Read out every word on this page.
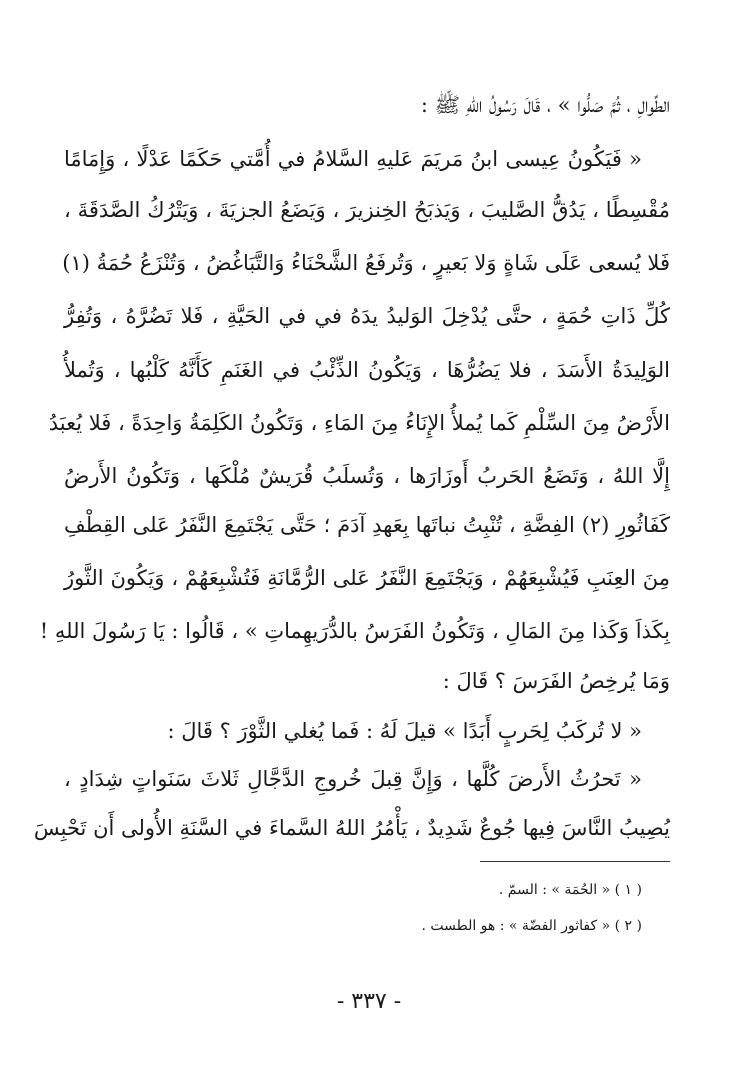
الطِّوالِ ، ثُمَّ صَلُّوا » ، قَالَ رَسُولُ اللهِ ﷺ :
« فَيَكُونُ عِيسى ابنُ مَريَمَ عَليهِ السَّلامُ في أُمَّتي حَكَمًا عَدْلًا ، وَإِمَامًا
مُقْسِطًا ، يَدُقُّ الصَّليبَ ، وَيَذبَحُ الخِنزيرَ ، وَيَضَعُ الجزيَةَ ، وَيَتْرُكُ الصَّدَقَةَ ،
فَلا يُسعى عَلَى شَاةٍ وَلا بَعيرٍ ، وَتُرفَعُ الشَّحْنَاءُ وَالتَّبَاغُضُ ، وَتُنْزَعُ حُمَةُ (١)
كُلِّ ذَاتِ حُمَةٍ ، حتَّى يُدْخِلَ الوَليدُ يدَهُ في في الحَيَّةِ ، فَلا تَضُرَّهُ ، وَتُفِرُّ
الوَلِيدَةُ الأَسَدَ ، فلا يَضُرُّهَا ، وَيَكُونُ الذِّئْبُ في الغَنَمِ كَأَنَّهُ كَلْبُها ، وَتُملأُ
الأَرْضُ مِنَ السِّلْمِ كَما يُملأُ الإِنَاءُ مِنَ المَاءِ ، وَتَكُونُ الكَلِمَةُ وَاحِدَةً ، فَلا يُعبَدُ
إِلَّا اللهُ ، وَتَضَعُ الحَربُ أَوزَارَها ، وَتُسلَبُ قُرَيشٌ مُلْكَها ، وَتَكُونُ الأَرضُ
كَفَاثُورِ (٢) الفِضَّةِ ، تُنْبِتُ نباتَها بِعَهدِ آدَمَ ؛ حَتَّى يَجْتَمِعَ النَّفَرُ عَلى القِطْفِ
مِنَ العِنَبِ فَيُشْبِعَهُمْ ، وَيَجْتَمِعَ النَّفَرُ عَلى الرُّمَّانَةِ فَتُشْبِعَهُمْ ، وَيَكُونَ الثَّورُ
بِكَذاَ وَكَذا مِنَ المَالِ ، وَتَكُونُ الفَرَسُ بالدُّرَيهِماتِ » ، قَالُوا : يَا رَسُولَ اللهِ !
وَمَا يُرخِصُ الفَرَسَ ؟ قَالَ :
« لا تُركَبُ لِحَربٍ أَبَدًا » قيلَ لَهُ : فَما يُغلي الثَّوْرَ ؟ قَالَ :
« تَحرُثُ الأَرضَ كُلَّها ، وَإِنَّ قِبلَ خُروجِ الدَّجَّالِ ثَلاثَ سَنَواتٍ شِدَادٍ ،
يُصِيبُ النَّاسَ فِيها جُوعٌ شَدِيدٌ ، يَأْمُرُ اللهُ السَّماءَ في السَّنَةِ الأُولى أَن تَحْبِسَ
( ١ ) « الحُمَة » : السمّ .
( ٢ ) « كفاثور الفضّة » : هو الطست .
- ٣٣٧ -
